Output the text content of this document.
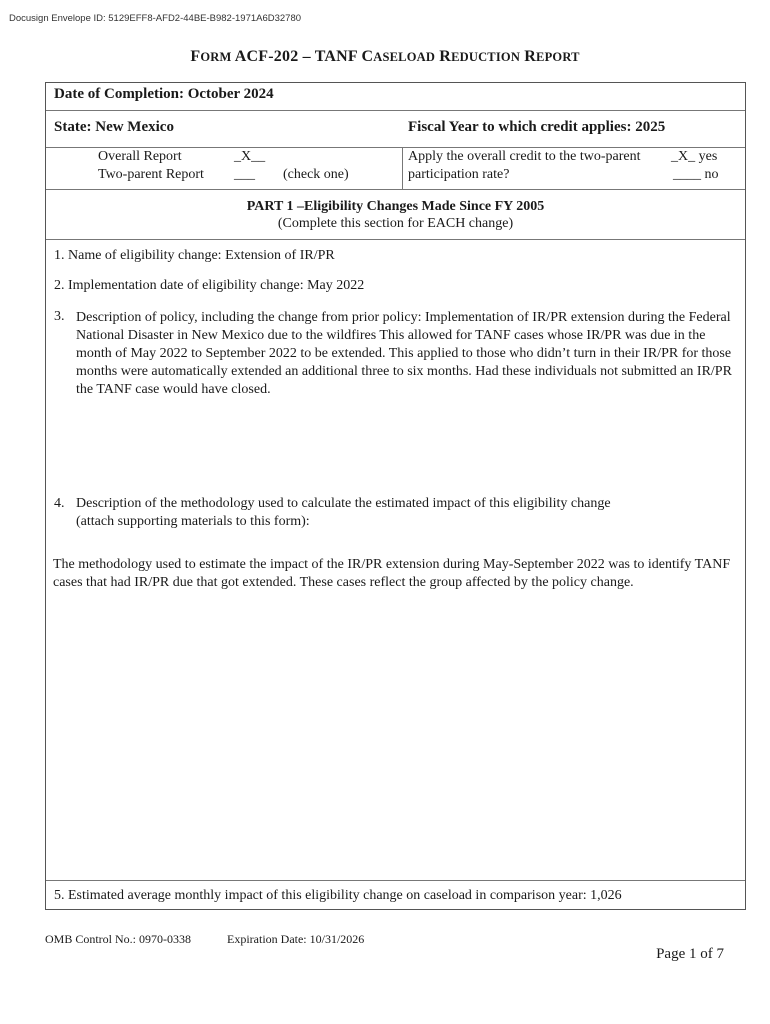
Docusign Envelope ID: 5129EFF8-AFD2-44BE-B982-1971A6D32780
FORM ACF-202 – TANF CASELOAD REDUCTION REPORT
Date of Completion: October 2024
State: New Mexico	Fiscal Year to which credit applies: 2025
Overall Report	_X__
Two-parent Report ___ (check one)
Apply the overall credit to the two-parent
participation rate?
_X_ yes
____ no
PART 1 –Eligibility Changes Made Since FY 2005
(Complete this section for EACH change)
1. Name of eligibility change: Extension of IR/PR
2. Implementation date of eligibility change: May 2022
3. Description of policy, including the change from prior policy: Implementation of IR/PR extension during the Federal National Disaster in New Mexico due to the wildfires This allowed for TANF cases whose IR/PR was due in the month of May 2022 to September 2022 to be extended. This applied to those who didn’t turn in their IR/PR for those months were automatically extended an additional three to six months. Had these individuals not submitted an IR/PR the TANF case would have closed.
4. Description of the methodology used to calculate the estimated impact of this eligibility change
(attach supporting materials to this form):
The methodology used to estimate the impact of the IR/PR extension during May-September 2022 was to identify TANF cases that had IR/PR due that got extended. These cases reflect the group affected by the policy change.
5. Estimated average monthly impact of this eligibility change on caseload in comparison year: 1,026
OMB Control No.: 0970-0338	Expiration Date: 10/31/2026
Page 1 of 7
